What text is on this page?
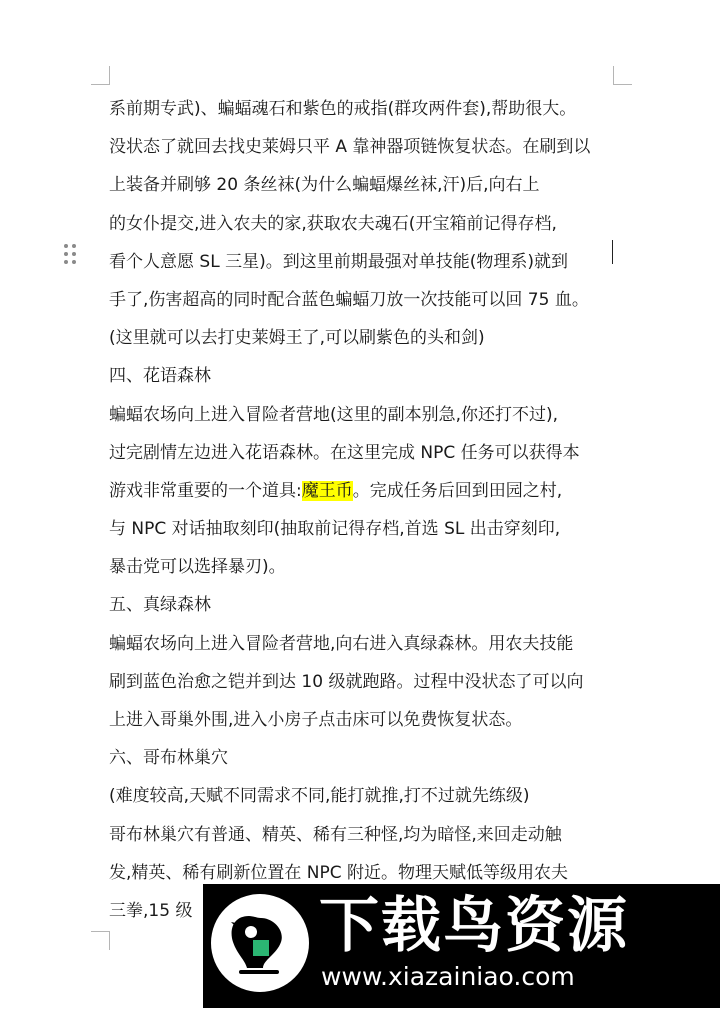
系前期专武)、蝙蝠魂石和紫色的戒指(群攻两件套),帮助很大。
没状态了就回去找史莱姆只平 A 靠神器项链恢复状态。在刷到以
上装备并刷够 20 条丝袜(为什么蝙蝠爆丝袜,汗)后,向右上
的女仆提交,进入农夫的家,获取农夫魂石(开宝箱前记得存档,
看个人意愿 SL 三星)。到这里前期最强对单技能(物理系)就到
手了,伤害超高的同时配合蓝色蝙蝠刀放一次技能可以回 75 血。
(这里就可以去打史莱姆王了,可以刷紫色的头和剑)
四、花语森林
蝙蝠农场向上进入冒险者营地(这里的副本别急,你还打不过),
过完剧情左边进入花语森林。在这里完成 NPC 任务可以获得本
游戏非常重要的一个道具:魔王币。完成任务后回到田园之村,
与 NPC 对话抽取刻印(抽取前记得存档,首选 SL 出击穿刻印,
暴击党可以选择暴刃)。
五、真绿森林
蝙蝠农场向上进入冒险者营地,向右进入真绿森林。用农夫技能
刷到蓝色治愈之铠并到达 10 级就跑路。过程中没状态了可以向
上进入哥巢外围,进入小房子点击床可以免费恢复状态。
六、哥布林巢穴
(难度较高,天赋不同需求不同,能打就推,打不过就先练级)
哥布林巢穴有普通、精英、稀有三种怪,均为暗怪,来回走动触
发,精英、稀有刷新位置在 NPC 附近。物理天赋低等级用农夫
三拳,15 级	下载鸟资源
www.xiazainiao.com
